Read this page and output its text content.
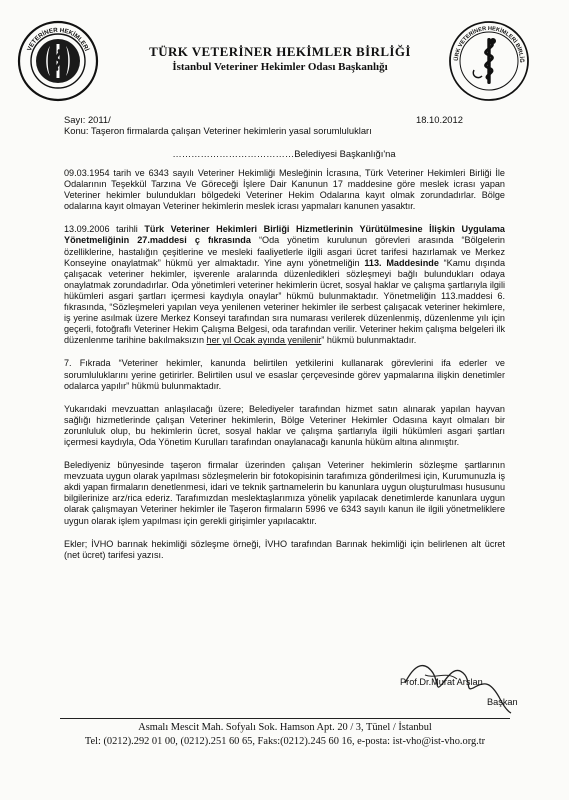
VETERİNER HEKİMLERİ
ÜRK VETERİNER HEKİMLERİ BİRLİĞ
TÜRK VETERİNER HEKİMLER BİRLİĞİ
İstanbul Veteriner Hekimler Odası Başkanlığı
Sayı: 2011/	18.10.2012
Konu: Taşeron firmalarda çalışan Veteriner hekimlerin yasal sorumlulukları
…………………………………Belediyesi Başkanlığı'na

09.03.1954 tarih ve 6343 sayılı Veteriner Hekimliği Mesleğinin İcrasına, Türk Veteriner Hekimleri Birliği İle Odalarının Teşekkül Tarzına Ve Göreceği İşlere Dair Kanunun 17 maddesine göre meslek icrası yapan Veteriner hekimler bulundukları bölgedeki Veteriner Hekim Odalarına kayıt olmak zorundadırlar. Bölge odalarına kayıt olmayan Veteriner hekimlerin meslek icrası yapmaları kanunen yasaktır.

13.09.2006 tarihli Türk Veteriner Hekimleri Birliği Hizmetlerinin Yürütülmesine İlişkin Uygulama Yönetmeliğinin 27.maddesi ç fıkrasında “Oda yönetim kurulunun görevleri arasında “Bölgelerin özelliklerine, hastalığın çeşitlerine ve mesleki faaliyetlerle ilgili asgari ücret tarifesi hazırlamak ve Merkez Konseyine onaylatmak” hükmü yer almaktadır. Yine aynı yönetmeliğin 113. Maddesinde “Kamu dışında çalışacak veteriner hekimler, işverenle aralarında düzenledikleri sözleşmeyi bağlı bulundukları odaya onaylatmak zorundadırlar. Oda yönetimleri veteriner hekimlerin ücret, sosyal haklar ve çalışma şartlarıyla ilgili hükümleri asgari şartları içermesi kaydıyla onaylar” hükmü bulunmaktadır. Yönetmeliğin 113.maddesi 6. fıkrasında, “Sözleşmeleri yapılan veya yenilenen veteriner hekimler ile serbest çalışacak veteriner hekimlere, iş yerine asılmak üzere Merkez Konseyi tarafından sıra numarası verilerek düzenlenmiş, düzenlenme yılı için geçerli, fotoğraflı Veteriner Hekim Çalışma Belgesi, oda tarafından verilir. Veteriner hekim çalışma belgeleri ilk düzenlenme tarihine bakılmaksızın her yıl Ocak ayında yenilenir” hükmü bulunmaktadır.

7. Fıkrada “Veteriner hekimler, kanunda belirtilen yetkilerini kullanarak görevlerini ifa ederler ve sorumluluklarını yerine getirirler. Belirtilen usul ve esaslar çerçevesinde görev yapmalarına ilişkin denetimler odalarca yapılır” hükmü bulunmaktadır.

Yukarıdaki mevzuattan anlaşılacağı üzere; Belediyeler tarafından hizmet satın alınarak yapılan hayvan sağlığı hizmetlerinde çalışan Veteriner hekimlerin, Bölge Veteriner Hekimler Odasına kayıt olmaları bir zorunluluk olup, bu hekimlerin ücret, sosyal haklar ve çalışma şartlarıyla ilgili hükümleri asgari şartları içermesi kaydıyla, Oda Yönetim Kurulları tarafından onaylanacağı kanunla hüküm altına alınmıştır.

Belediyeniz bünyesinde taşeron firmalar üzerinden çalışan Veteriner hekimlerin sözleşme şartlarının mevzuata uygun olarak yapılması sözleşmelerin bir fotokopisinin tarafımıza gönderilmesi için, Kurumunuzla iş akdi yapan firmaların denetlenmesi, idari ve teknik şartnamelerin bu kanunlara uygun oluşturulması hususunu bilgilerinize arz/rica ederiz. Tarafımızdan meslektaşlarımıza yönelik yapılacak denetimlerde kanunlara uygun olarak çalışmayan Veteriner hekimler ile Taşeron firmaların 5996 ve 6343 sayılı kanun ile ilgili yönetmeliklere uygun olarak işlem yapılması için gerekli girişimler yapılacaktır.

Ekler; İVHO barınak hekimliği sözleşme örneği, İVHO tarafından Barınak hekimliği için belirlenen alt ücret (net ücret) tarifesi yazısı.

Prof.Dr.Murat Arslan
Başkan
Asmalı Mescit Mah. Sofyalı Sok. Hamson Apt. 20 / 3, Tünel / İstanbul
Tel: (0212).292 01 00, (0212).251 60 65, Faks:(0212).245 60 16, e-posta: ist-vho@ist-vho.org.tr
